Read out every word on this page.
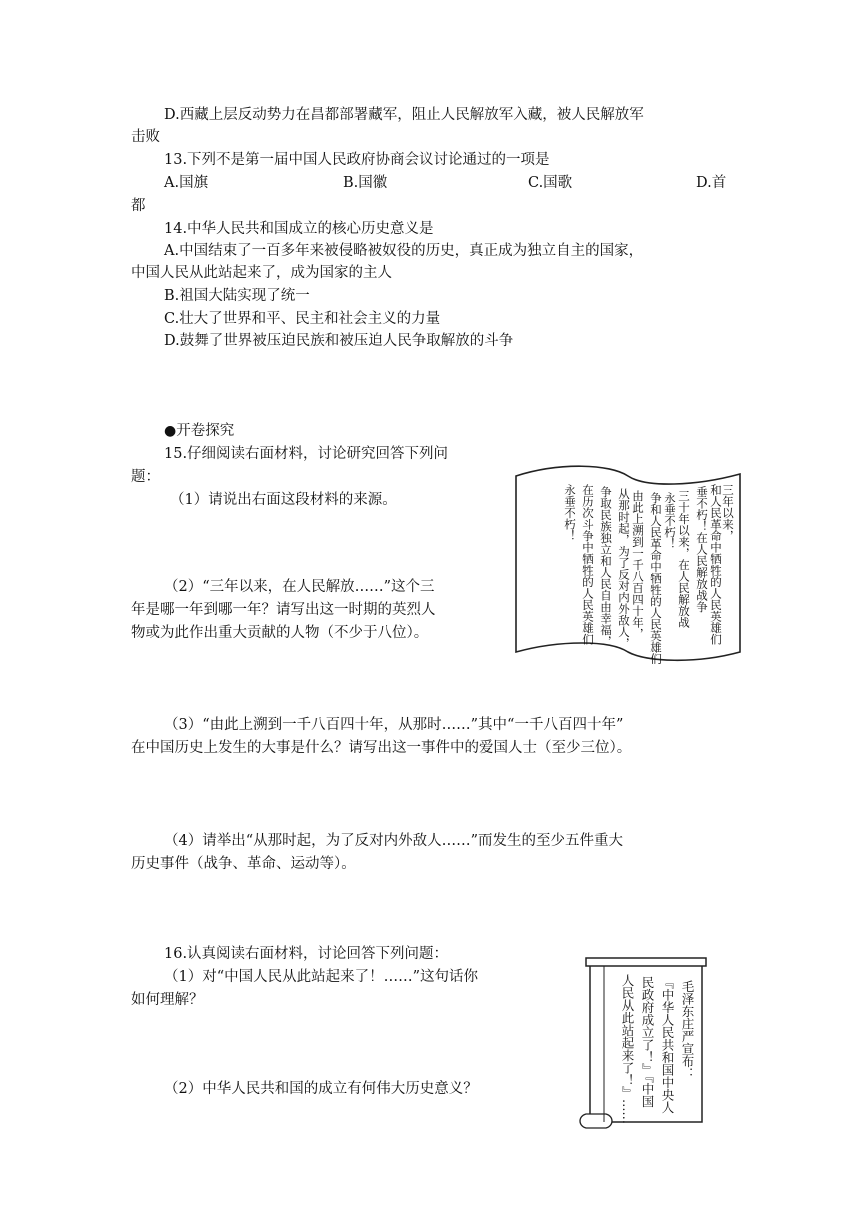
D.西藏上层反动势力在昌都部署藏军，阻止人民解放军入藏，被人民解放军
击败
13.下列不是第一届中国人民政府协商会议讨论通过的一项是
A.国旗	B.国徽	C.国歌	D.首
都
14.中华人民共和国成立的核心历史意义是
A.中国结束了一百多年来被侵略被奴役的历史，真正成为独立自主的国家，
中国人民从此站起来了，成为国家的主人
B.祖国大陆实现了统一
C.壮大了世界和平、民主和社会主义的力量
D.鼓舞了世界被压迫民族和被压迫人民争取解放的斗争
●开卷探究
15.仔细阅读右面材料，讨论研究回答下列问
题：
（1）请说出右面这段材料的来源。
（2）“三年以来，在人民解放……”这个三
年是哪一年到哪一年？请写出这一时期的英烈人
物或为此作出重大贡献的人物（不少于八位）。
（3）“由此上溯到一千八百四十年，从那时……”其中“一千八百四十年”
在中国历史上发生的大事是什么？请写出这一事件中的爱国人士（至少三位）。
（4）请举出“从那时起，为了反对内外敌人……”而发生的至少五件重大
历史事件（战争、革命、运动等）。
三年以来，
和人民革命中牺牲的人民英雄们
垂不朽！在人民解放战争
三十年以来，在人民解放战
永垂不朽！
争和人民革命中牺牲的人民英雄们
由此上溯到一千八百四十年，
从那时起，为了反对内外敌人，
争取民族独立和人民自由幸福，
在历次斗争中牺牲的人民英雄们
永垂不朽！
16.认真阅读右面材料，讨论回答下列问题：
（1）对“中国人民从此站起来了！……”这句话你
如何理解？
（2）中华人民共和国的成立有何伟大历史意义？
毛泽东庄严宣布：
『中华人民共和国中央人
民政府成立了！』『中国
人民从此站起来了！』……
